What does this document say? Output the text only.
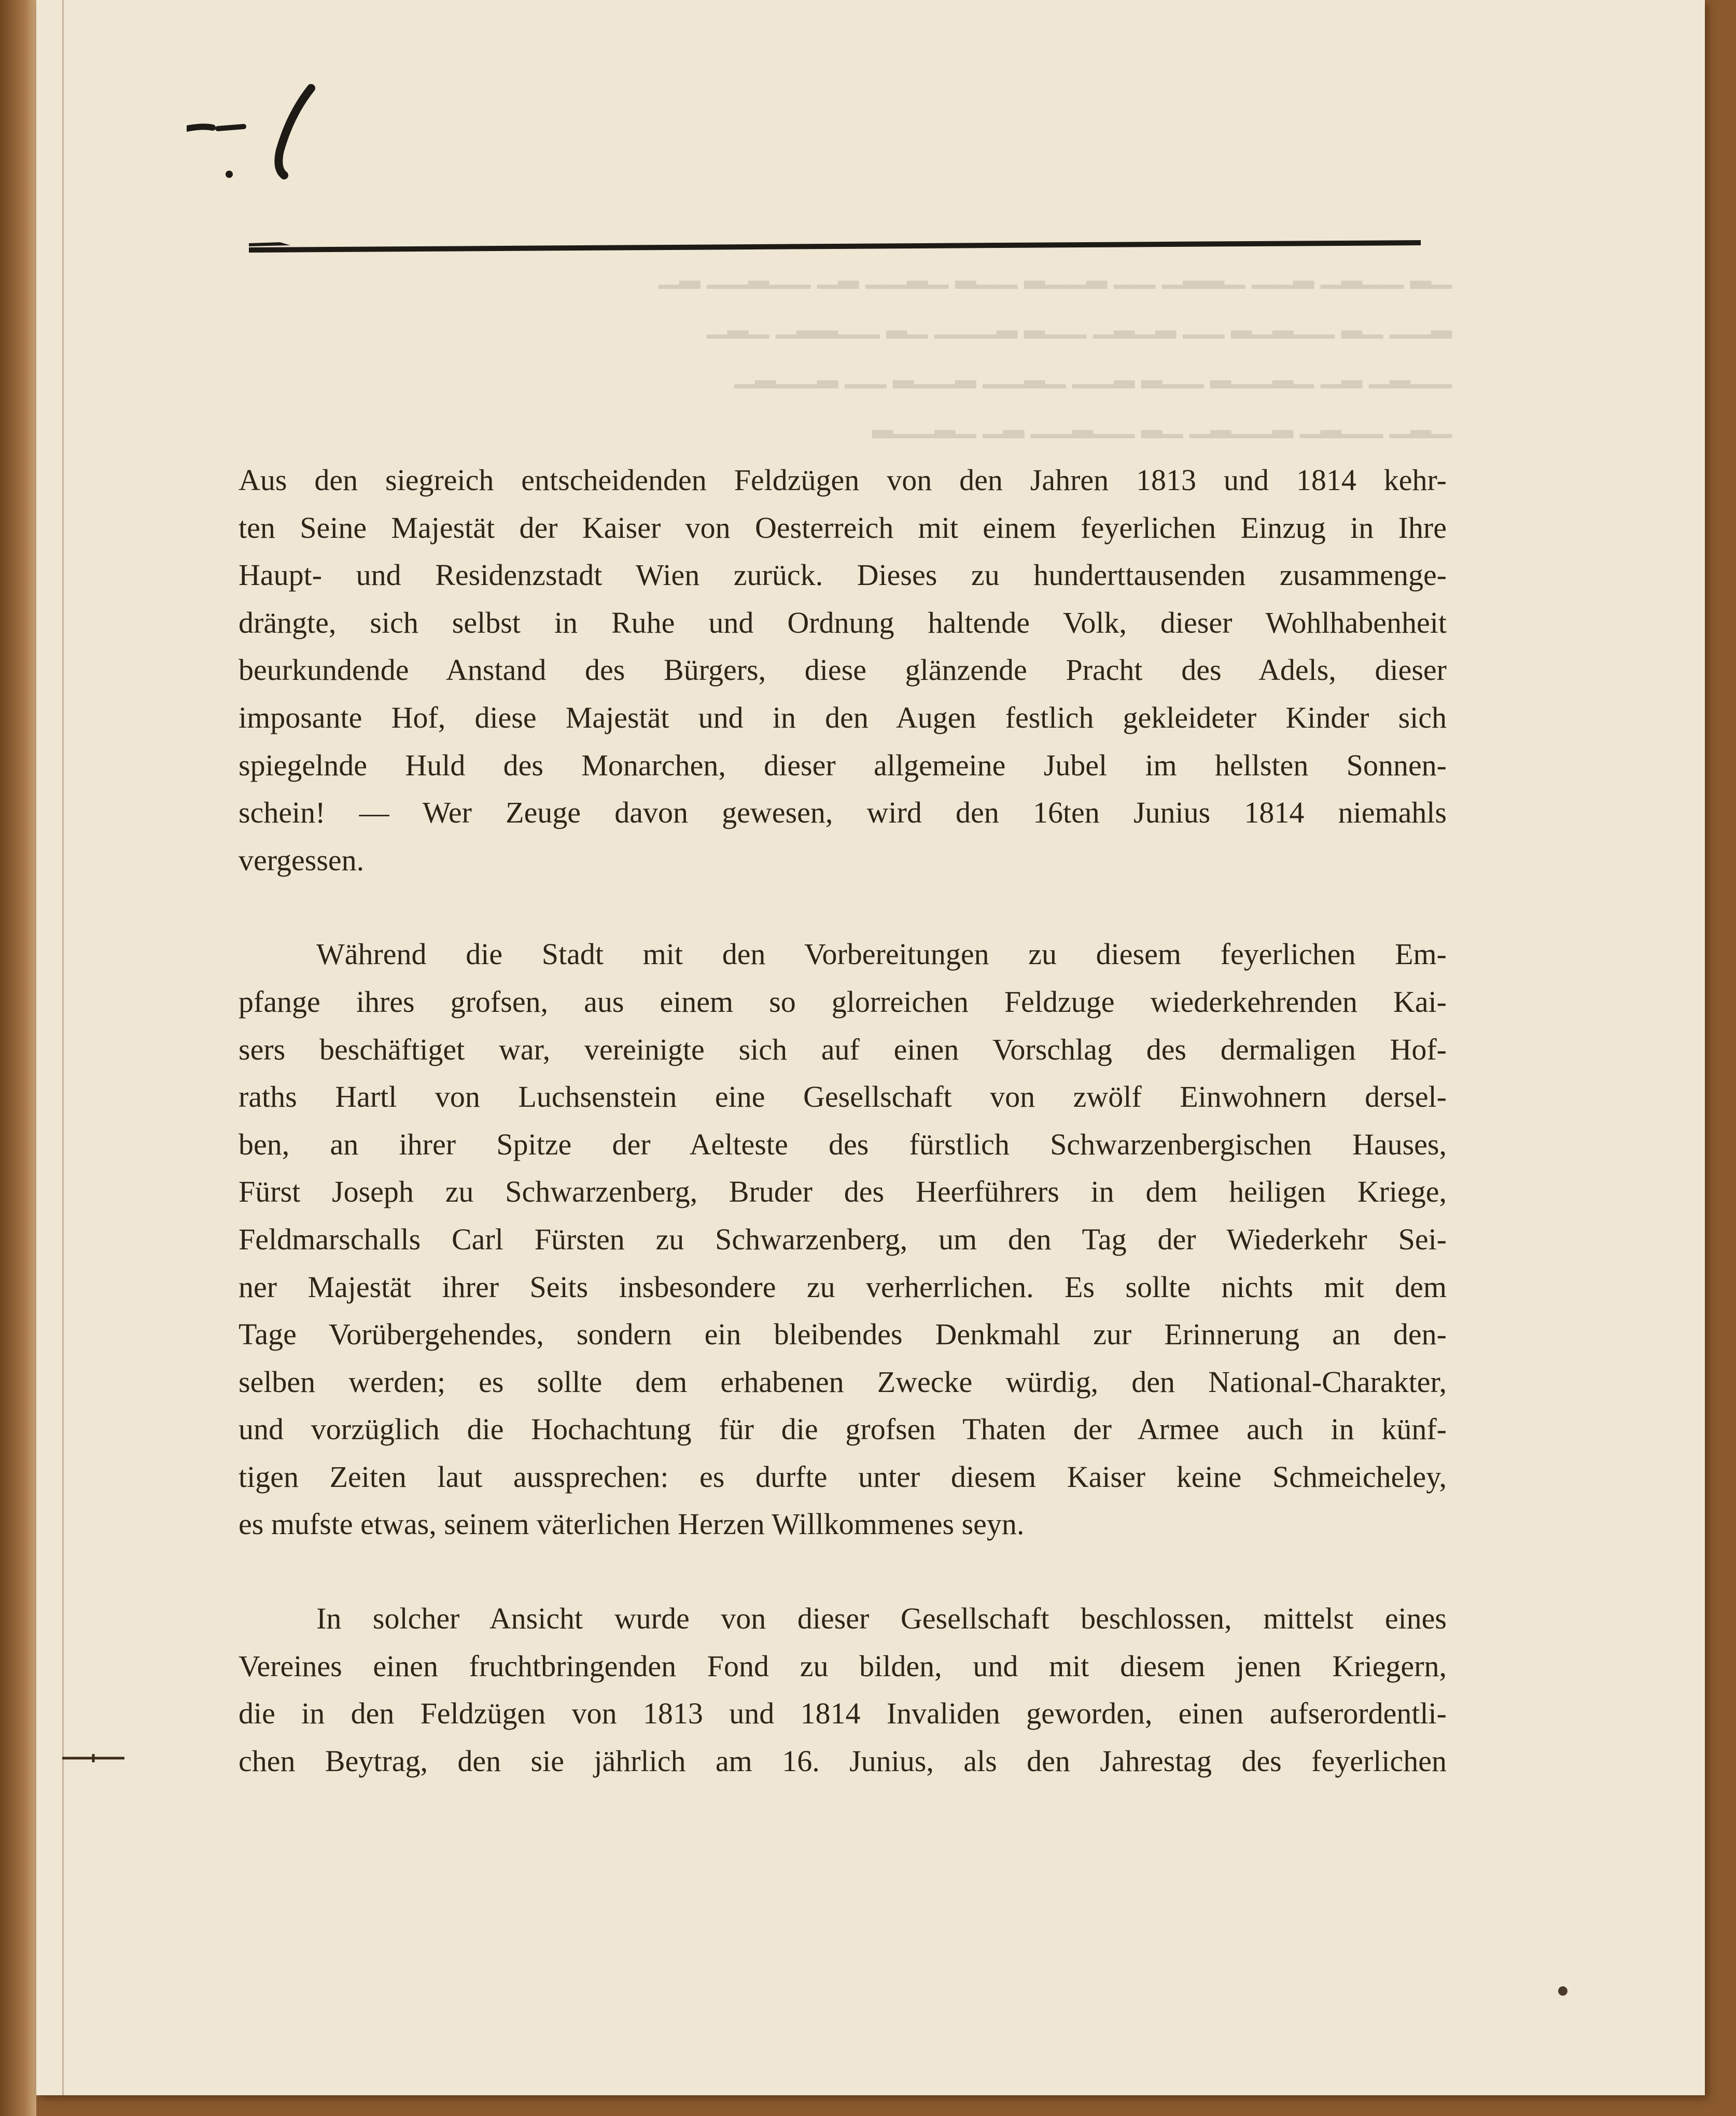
▁▂ ▁▁▂▁ ▂▁▁ ▁▂▂▁ ▁▁ ▂▁▁▂ ▁▁▂ ▁▂▁▁ ▂▁ ▁▁▂▁▁ ▂▁
▂▁▁ ▁▂ ▁▁▂▁▂ ▁▁ ▂▁▂▁ ▁▁▂ ▂▁▁▁ ▁▂ ▁▁▂▂▁ ▁▂▁
▁▁▂▁ ▂▁ ▁▂▁▁▂ ▁▁▂ ▂▁▁ ▁▂▁▁ ▂▁▁▂ ▁▁ ▂▁▁▂▁
▁▂▁ ▁▁▂▁ ▂▁▁▂▁ ▁▂ ▁▁▂▁▁ ▂▁ ▁▂▁▁▂
Aus den siegreich entscheidenden Feldzügen von den Jahren 1813 und 1814 kehr-
ten Seine Majestät der Kaiser von Oesterreich mit einem feyerlichen Einzug in Ihre
Haupt- und Residenzstadt Wien zurück. Dieses zu hunderttausenden zusammenge-
drängte, sich selbst in Ruhe und Ordnung haltende Volk, dieser Wohlhabenheit
beurkundende Anstand des Bürgers, diese glänzende Pracht des Adels, dieser
imposante Hof, diese Majestät und in den Augen festlich gekleideter Kinder sich
spiegelnde Huld des Monarchen, dieser allgemeine Jubel im hellsten Sonnen-
schein! — Wer Zeuge davon gewesen, wird den 16ten Junius 1814 niemahls
vergessen.
Während die Stadt mit den Vorbereitungen zu diesem feyerlichen Em-
pfange ihres grofsen, aus einem so glorreichen Feldzuge wiederkehrenden Kai-
sers beschäftiget war, vereinigte sich auf einen Vorschlag des dermaligen Hof-
raths Hartl von Luchsenstein eine Gesellschaft von zwölf Einwohnern dersel-
ben, an ihrer Spitze der Aelteste des fürstlich Schwarzenbergischen Hauses,
Fürst Joseph zu Schwarzenberg, Bruder des Heerführers in dem heiligen Kriege,
Feldmarschalls Carl Fürsten zu Schwarzenberg, um den Tag der Wiederkehr Sei-
ner Majestät ihrer Seits insbesondere zu verherrlichen. Es sollte nichts mit dem
Tage Vorübergehendes, sondern ein bleibendes Denkmahl zur Erinnerung an den-
selben werden; es sollte dem erhabenen Zwecke würdig, den National-Charakter,
und vorzüglich die Hochachtung für die grofsen Thaten der Armee auch in künf-
tigen Zeiten laut aussprechen: es durfte unter diesem Kaiser keine Schmeicheley,
es mufste etwas, seinem väterlichen Herzen Willkommenes seyn.
In solcher Ansicht wurde von dieser Gesellschaft beschlossen, mittelst eines
Vereines einen fruchtbringenden Fond zu bilden, und mit diesem jenen Kriegern,
die in den Feldzügen von 1813 und 1814 Invaliden geworden, einen aufserordentli-
chen Beytrag, den sie jährlich am 16. Junius, als den Jahrestag des feyerlichen
